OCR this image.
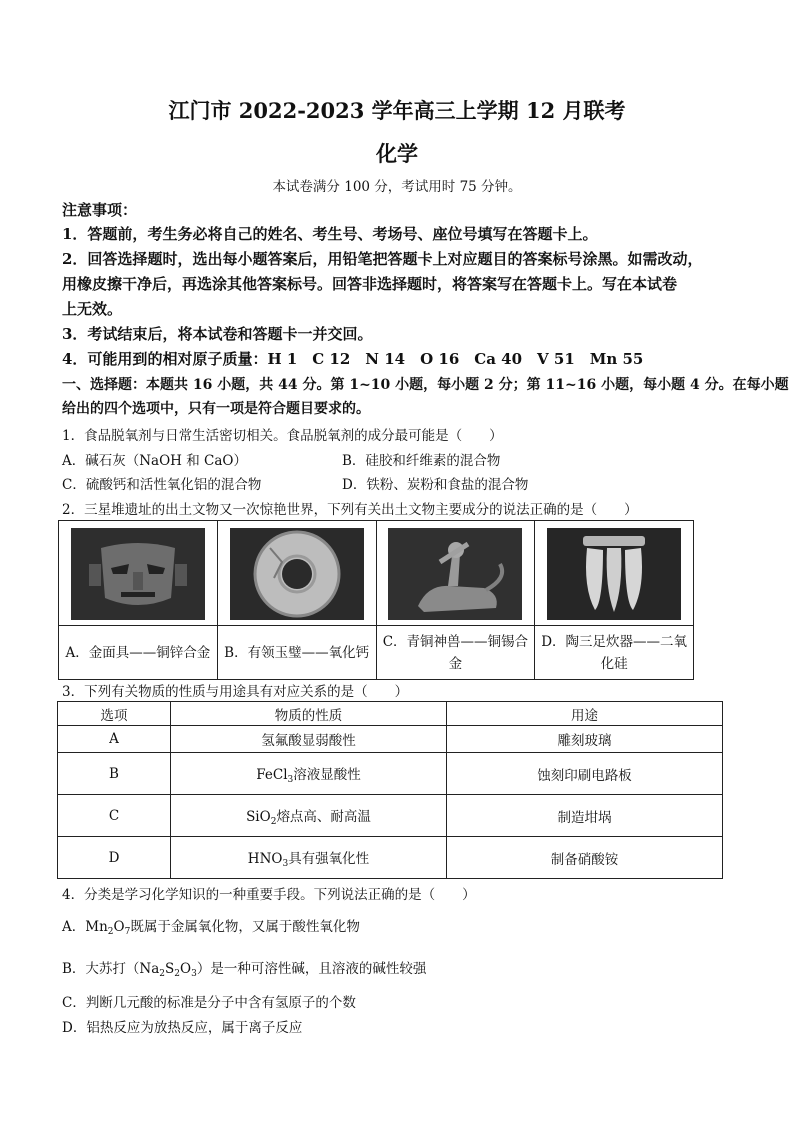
江门市 2022-2023 学年高三上学期 12 月联考
化学
本试卷满分 100 分，考试用时 75 分钟。
注意事项：
1．答题前，考生务必将自己的姓名、考生号、考场号、座位号填写在答题卡上。
2．回答选择题时，选出每小题答案后，用铅笔把答题卡上对应题目的答案标号涂黑。如需改动，
用橡皮擦干净后，再选涂其他答案标号。回答非选择题时，将答案写在答题卡上。写在本试卷
上无效。
3．考试结束后，将本试卷和答题卡一并交回。
4．可能用到的相对原子质量：H 1　C 12　N 14　O 16　Ca 40　V 51　Mn 55
一、选择题：本题共 16 小题，共 44 分。第 1~10 小题，每小题 2 分；第 11~16 小题，每小题 4 分。在每小题
给出的四个选项中，只有一项是符合题目要求的。
1．食品脱氧剂与日常生活密切相关。食品脱氧剂的成分最可能是（　　）
A．碱石灰（NaOH 和 CaO）	B．硅胶和纤维素的混合物
C．硫酸钙和活性氧化铝的混合物	D．铁粉、炭粉和食盐的混合物
2．三星堆遗址的出土文物又一次惊艳世界，下列有关出土文物主要成分的说法正确的是（　　）

A．金面具——铜锌合金	B．有领玉璧——氧化钙	C．青铜神兽——铜锡合金	D．陶三足炊器——二氧化硅
3．下列有关物质的性质与用途具有对应关系的是（　　）
选项	物质的性质	用途
A	氢氟酸显弱酸性	雕刻玻璃
B	FeCl$_3$溶液显酸性	蚀刻印刷电路板
C	SiO$_2$熔点高、耐高温	制造坩埚
D	$HNO_3$具有强氧化性	制备硝酸铵
4．分类是学习化学知识的一种重要手段。下列说法正确的是（　　）
A．$Mn_2O_7$既属于金属氧化物，又属于酸性氧化物
B．大苏打$(Na_2S_2O_3)$是一种可溶性碱，且溶液的碱性较强
C．判断几元酸的标准是分子中含有氢原子的个数
D．铝热反应为放热反应，属于离子反应
